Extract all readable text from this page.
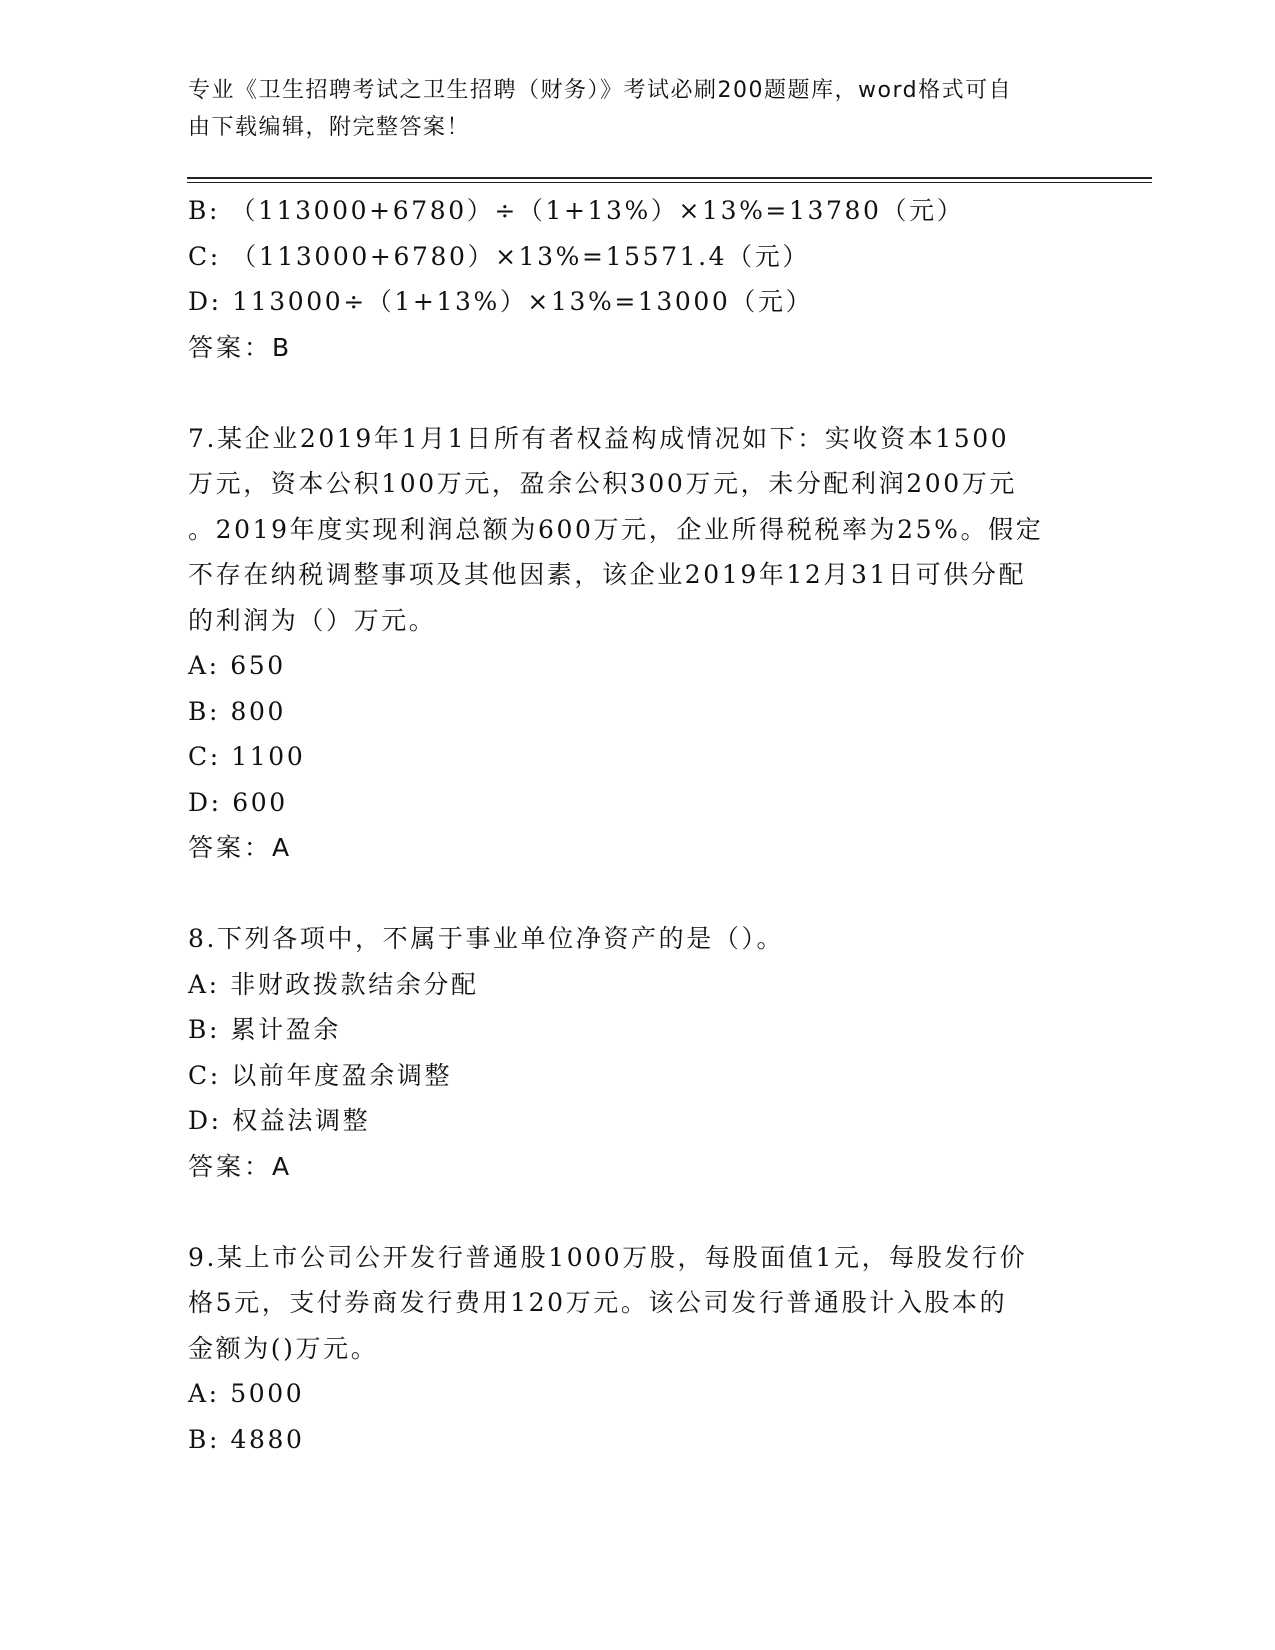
专业《卫生招聘考试之卫生招聘（财务）》考试必刷200题题库，word格式可自
由下载编辑，附完整答案！
B: （113000+6780）÷（1+13%）×13%=13780（元）
C: （113000+6780）×13%=15571.4（元）
D: 113000÷（1+13%）×13%=13000（元）
答案：B
7.某企业2019年1月1日所有者权益构成情况如下：实收资本1500
万元，资本公积100万元，盈余公积300万元，未分配利润200万元
。2019年度实现利润总额为600万元，企业所得税税率为25%。假定
不存在纳税调整事项及其他因素，该企业2019年12月31日可供分配
的利润为（）万元。
A: 650
B: 800
C: 1100
D: 600
答案：A
8.下列各项中，不属于事业单位净资产的是（）。
A: 非财政拨款结余分配
B: 累计盈余
C: 以前年度盈余调整
D: 权益法调整
答案：A
9.某上市公司公开发行普通股1000万股，每股面值1元，每股发行价
格5元，支付券商发行费用120万元。该公司发行普通股计入股本的
金额为()万元。
A: 5000
B: 4880
